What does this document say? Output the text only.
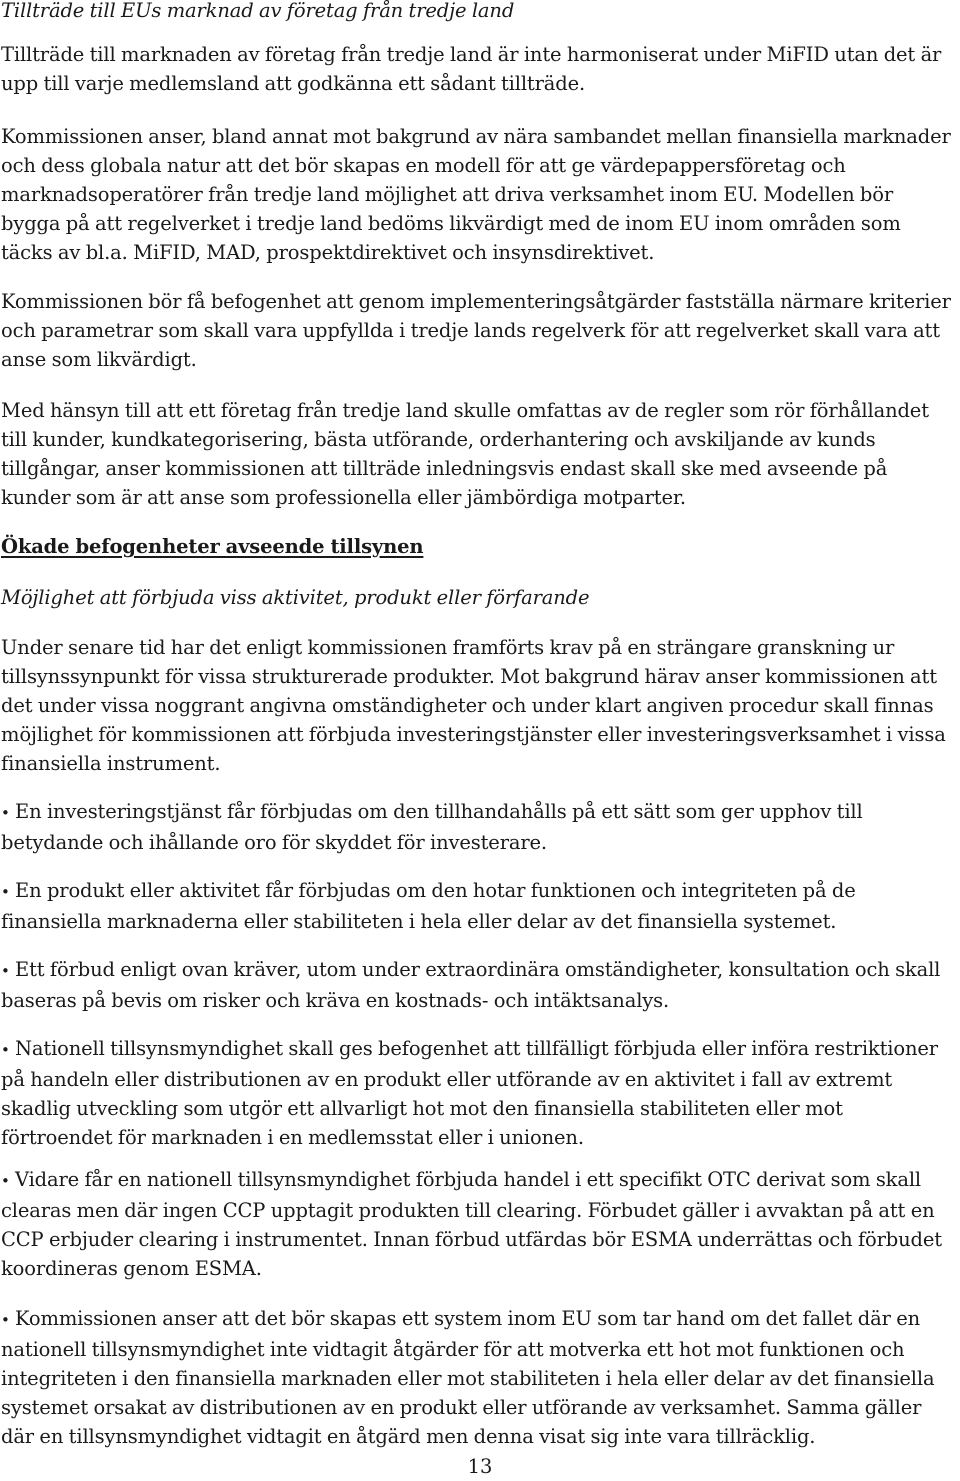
Tillträde till EUs marknad av företag från tredje land

Tillträde till marknaden av företag från tredje land är inte harmoniserat under MiFID utan det är upp till varje medlemsland att godkänna ett sådant tillträde.

Kommissionen anser, bland annat mot bakgrund av nära sambandet mellan finansiella marknader och dess globala natur att det bör skapas en modell för att ge värdepappersföretag och marknadsoperatörer från tredje land möjlighet att driva verksamhet inom EU. Modellen bör bygga på att regelverket i tredje land bedöms likvärdigt med de inom EU inom områden som täcks av bl.a. MiFID, MAD, prospektdirektivet och insynsdirektivet.

Kommissionen bör få befogenhet att genom implementeringsåtgärder fastställa närmare kriterier och parametrar som skall vara uppfyllda i tredje lands regelverk för att regelverket skall vara att anse som likvärdigt.

Med hänsyn till att ett företag från tredje land skulle omfattas av de regler som rör förhållandet till kunder, kundkategorisering, bästa utförande, orderhantering och avskiljande av kunds tillgångar, anser kommissionen att tillträde inledningsvis endast skall ske med avseende på kunder som är att anse som professionella eller jämbördiga motparter.

Ökade befogenheter avseende tillsynen

Möjlighet att förbjuda viss aktivitet, produkt eller förfarande

Under senare tid har det enligt kommissionen framförts krav på en strängare granskning ur tillsynssynpunkt för vissa strukturerade produkter. Mot bakgrund härav anser kommissionen att det under vissa noggrant angivna omständigheter och under klart angiven procedur skall finnas möjlighet för kommissionen att förbjuda investeringstjänster eller investeringsverksamhet i vissa finansiella instrument.

• En investeringstjänst får förbjudas om den tillhandahålls på ett sätt som ger upphov till betydande och ihållande oro för skyddet för investerare.

• En produkt eller aktivitet får förbjudas om den hotar funktionen och integriteten på de finansiella marknaderna eller stabiliteten i hela eller delar av det finansiella systemet.

• Ett förbud enligt ovan kräver, utom under extraordinära omständigheter, konsultation och skall baseras på bevis om risker och kräva en kostnads- och intäktsanalys.

• Nationell tillsynsmyndighet skall ges befogenhet att tillfälligt förbjuda eller införa restriktioner på handeln eller distributionen av en produkt eller utförande av en aktivitet i fall av extremt skadlig utveckling som utgör ett allvarligt hot mot den finansiella stabiliteten eller mot förtroendet för marknaden i en medlemsstat eller i unionen.

• Vidare får en nationell tillsynsmyndighet förbjuda handel i ett specifikt OTC derivat som skall clearas men där ingen CCP upptagit produkten till clearing. Förbudet gäller i avvaktan på att en CCP erbjuder clearing i instrumentet. Innan förbud utfärdas bör ESMA underrättas och förbudet koordineras genom ESMA.

• Kommissionen anser att det bör skapas ett system inom EU som tar hand om det fallet där en nationell tillsynsmyndighet inte vidtagit åtgärder för att motverka ett hot mot funktionen och integriteten i den finansiella marknaden eller mot stabiliteten i hela eller delar av det finansiella systemet orsakat av distributionen av en produkt eller utförande av verksamhet. Samma gäller där en tillsynsmyndighet vidtagit en åtgärd men denna visat sig inte vara tillräcklig.

13
